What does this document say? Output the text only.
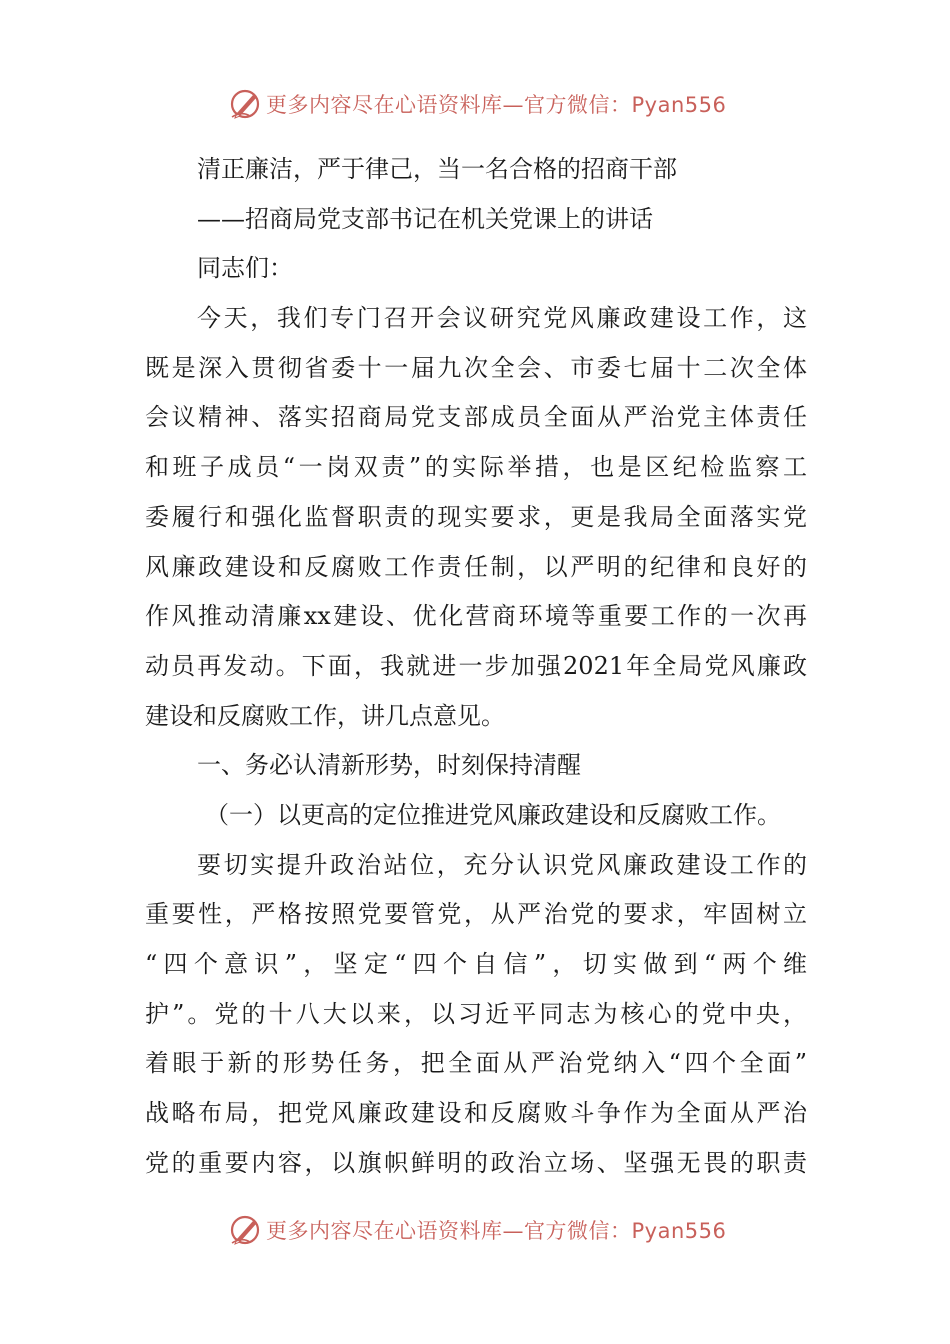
更多内容尽在心语资料库—官方微信：Pyan556
清正廉洁，严于律己，当一名合格的招商干部
——招商局党支部书记在机关党课上的讲话
同志们：
今天，我们专门召开会议研究党风廉政建设工作，这
既是深入贯彻省委十一届九次全会、市委七届十二次全体
会议精神、落实招商局党支部成员全面从严治党主体责任
和班子成员“一岗双责”的实际举措，也是区纪检监察工
委履行和强化监督职责的现实要求，更是我局全面落实党
风廉政建设和反腐败工作责任制，以严明的纪律和良好的
作风推动清廉xx建设、优化营商环境等重要工作的一次再
动员再发动。下面，我就进一步加强2021年全局党风廉政
建设和反腐败工作，讲几点意见。
一、务必认清新形势，时刻保持清醒
（一）以更高的定位推进党风廉政建设和反腐败工作。
要切实提升政治站位，充分认识党风廉政建设工作的
重要性，严格按照党要管党，从严治党的要求，牢固树立
“四个意识”，坚定“四个自信”，切实做到“两个维
护”。党的十八大以来，以习近平同志为核心的党中央，
着眼于新的形势任务，把全面从严治党纳入“四个全面”
战略布局，把党风廉政建设和反腐败斗争作为全面从严治
党的重要内容，以旗帜鲜明的政治立场、坚强无畏的职责
更多内容尽在心语资料库—官方微信：Pyan556
